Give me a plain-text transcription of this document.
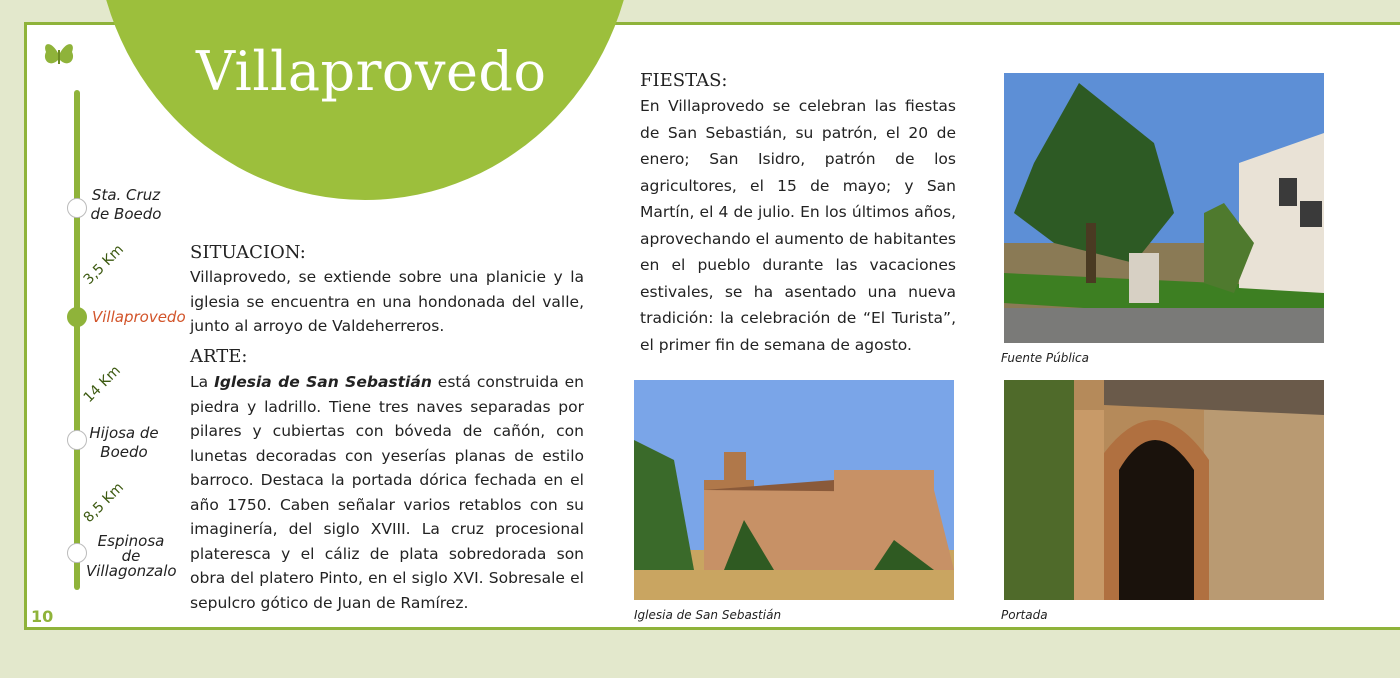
Villaprovedo
Sta. Cruz
de Boedo
3,5 Km
Villaprovedo
14 Km
Hijosa de
Boedo
8,5 Km
Espinosa
de
Villagonzalo
10
SITUACION:

Villaprovedo, se extiende sobre una planicie y la iglesia se encuentra en una hondonada del valle, junto al arroyo de Valdeherreros.

ARTE:

La Iglesia de San Sebastián está construida en piedra y ladrillo. Tiene tres naves separadas por pilares y cubiertas con bóveda de cañón, con lunetas decoradas con yeserías planas de estilo barroco. Destaca la portada dórica fechada en el año 1750. Caben señalar varios retablos con su imaginería, del siglo XVIII. La cruz procesional plateresca y el cáliz de plata sobredorada son obra del platero Pinto, en el siglo XVI. Sobresale el sepulcro gótico de Juan de Ramírez.

FIESTAS:

En Villaprovedo se celebran las fiestas de San Sebastián, su patrón, el 20 de enero; San Isidro, patrón de los agricultores, el 15 de mayo; y San Martín, el 4 de julio. En los últimos años, aprovechando el aumento de habitantes en el pueblo durante las vacaciones estivales, se ha asentado una nueva tradición: la celebración de “El Turista”, el primer fin de semana de agosto.

Fuente Pública
Iglesia de San Sebastián	Portada
